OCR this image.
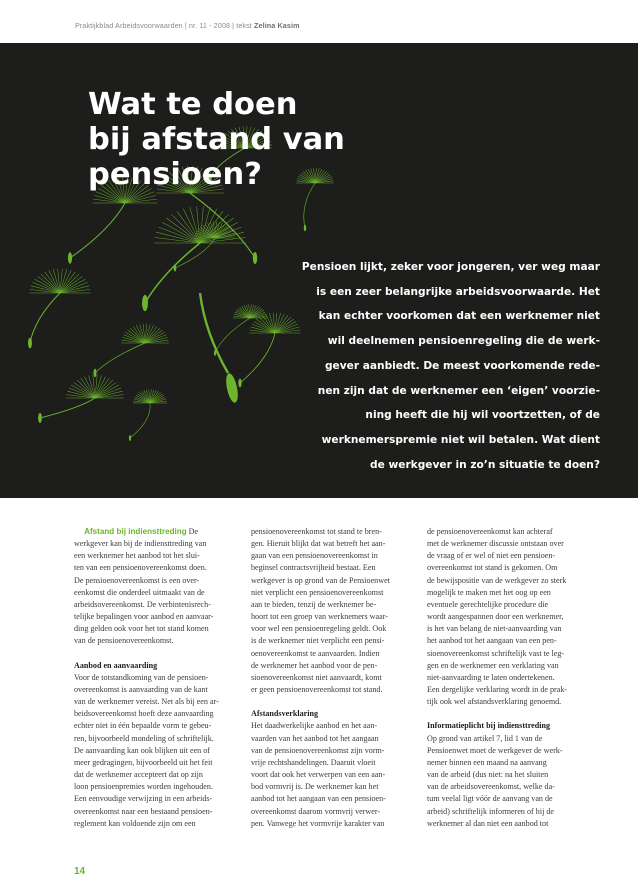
Praktijkblad Arbeidsvoorwaarden | nr. 11 - 2008 | tekst Zelina Kasim
Wat te doen
bij afstand van
pensioen?
Pensioen lijkt, zeker voor jongeren, ver weg maar
is een zeer belangrijke arbeidsvoorwaarde. Het
kan echter voorkomen dat een werknemer niet
wil deelnemen pensioenregeling die de werk-
gever aanbiedt. De meest voorkomende rede-
nen zijn dat de werknemer een ‘eigen’ voorzie-
ning heeft die hij wil voortzetten, of de
werknemerspremie niet wil betalen. Wat dient
de werkgever in zo’n situatie te doen?
Afstand bij indiensttreding De
werkgever kan bij de indiensttreding van
een werknemer het aanbod tot het slui-
ten van een pensioenovereenkomst doen.
De pensioenovereenkomst is een over-
eenkomst die onderdeel uitmaakt van de
arbeidsovereenkomst. De verbintenisrech-
telijke bepalingen voor aanbod en aanvaar-
ding gelden ook voor het tot stand komen
van de pensioenovereenkomst.
Aanbod en aanvaarding
Voor de totstandkoming van de pensioen-
overeenkomst is aanvaarding van de kant
van de werknemer vereist. Net als bij een ar-
beidsovereenkomst hoeft deze aanvaarding
echter niet in één bepaalde vorm te gebeu-
ren, bijvoorbeeld mondeling of schriftelijk.
De aanvaarding kan ook blijken uit een of
meer gedragingen, bijvoorbeeld uit het feit
dat de werknemer accepteert dat op zijn
loon pensioenpremies worden ingehouden.
Een eenvoudige verwijzing in een arbeids-
overeenkomst naar een bestaand pensioen-
reglement kan voldoende zijn om een
pensioenovereenkomst tot stand te bren-
gen. Hieruit blijkt dat wat betreft het aan-
gaan van een pensioenovereenkomst in
beginsel contractsvrijheid bestaat. Een
werkgever is op grond van de Pensioenwet
niet verplicht een pensioenovereenkomst
aan te bieden, tenzij de werknemer be-
hoort tot een groep van werknemers waar-
voor wel een pensioenregeling geldt. Ook
is de werknemer niet verplicht een pensi-
oenovereenkomst te aanvaarden. Indien
de werknemer het aanbod voor de pen-
sioenovereenkomst niet aanvaardt, komt
er geen pensioenovereenkomst tot stand.
Afstandsverklaring
Het daadwerkelijke aanbod en het aan-
vaarden van het aanbod tot het aangaan
van de pensioenovereenkomst zijn vorm-
vrije rechtshandelingen. Daaruit vloeit
voort dat ook het verwerpen van een aan-
bod vormvrij is. De werknemer kan het
aanbod tot het aangaan van een pensioen-
overeenkomst daarom vormvrij verwer-
pen. Vanwege het vormvrije karakter van
de pensioenovereenkomst kan achteraf
met de werknemer discussie ontstaan over
de vraag of er wel of niet een pensioen-
overeenkomst tot stand is gekomen. Om
de bewijspositie van de werkgever zo sterk
mogelijk te maken met het oog op een
eventuele gerechtelijke procedure die
wordt aangespannen door een werknemer,
is het van belang de niet-aanvaarding van
het aanbod tot het aangaan van een pen-
sioenovereenkomst schriftelijk vast te leg-
gen en de werknemer een verklaring van
niet-aanvaarding te laten ondertekenen.
Een dergelijke verklaring wordt in de prak-
tijk ook wel afstandsverklaring genoemd.
Informatieplicht bij indiensttreding
Op grond van artikel 7, lid 1 van de
Pensioenwet moet de werkgever de werk-
nemer binnen een maand na aanvang
van de arbeid (dus niet: na het sluiten
van de arbeidsovereenkomst, welke da-
tum veelal ligt vóór de aanvang van de
arbeid) schriftelijk informeren of hij de
werknemer al dan niet een aanbod tot
14
